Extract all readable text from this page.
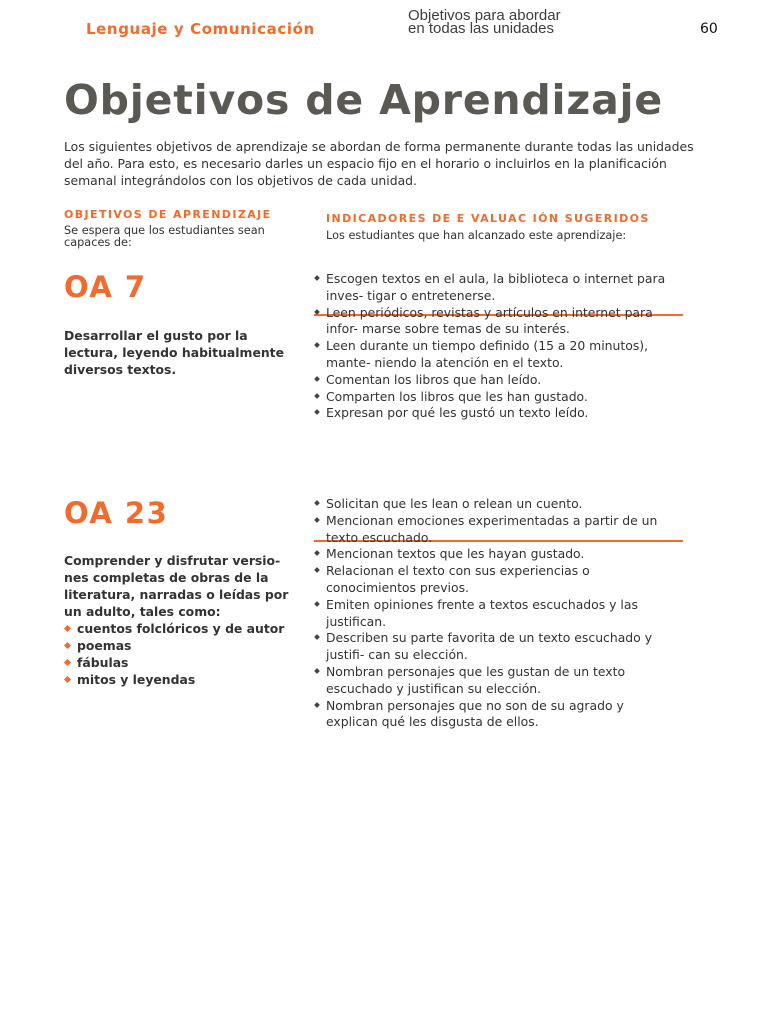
Lenguaje y Comunicación
Objetivos para abordar
en todas las unidades	60
Objetivos de Aprendizaje
Los siguientes objetivos de aprendizaje se abordan de forma permanente durante todas las unidades del año. Para esto, es necesario darles un espacio fijo en el horario o incluirlos en la planificación semanal integrándolos con los objetivos de cada unidad.
OBJETIVOS DE APRENDIZAJE
Se espera que los estudiantes sean capaces de:
INDICADORES DE E VALUAC IÓN SUGERIDOS
Los estudiantes que han alcanzado este aprendizaje:
OA 7
Desarrollar el gusto por la lectura, leyendo habitualmente diversos textos.
Escogen textos en el aula, la biblioteca o internet para inves- tigar o entretenerse.
Leen periódicos, revistas y artículos en internet para infor- marse sobre temas de su interés.
Leen durante un tiempo definido (15 a 20 minutos), mante- niendo la atención en el texto.
Comentan los libros que han leído.
Comparten los libros que les han gustado.
Expresan por qué les gustó un texto leído.
OA 23
Comprender y disfrutar versio- nes completas de obras de la literatura, narradas o leídas por un adulto, tales como:
cuentos folclóricos y de autor
poemas
fábulas
mitos y leyendas
Solicitan que les lean o relean un cuento.
Mencionan emociones experimentadas a partir de un texto escuchado.
Mencionan textos que les hayan gustado.
Relacionan el texto con sus experiencias o conocimientos previos.
Emiten opiniones frente a textos escuchados y las justifican.
Describen su parte favorita de un texto escuchado y justifi- can su elección.
Nombran personajes que les gustan de un texto escuchado y justifican su elección.
Nombran personajes que no son de su agrado y explican qué les disgusta de ellos.
